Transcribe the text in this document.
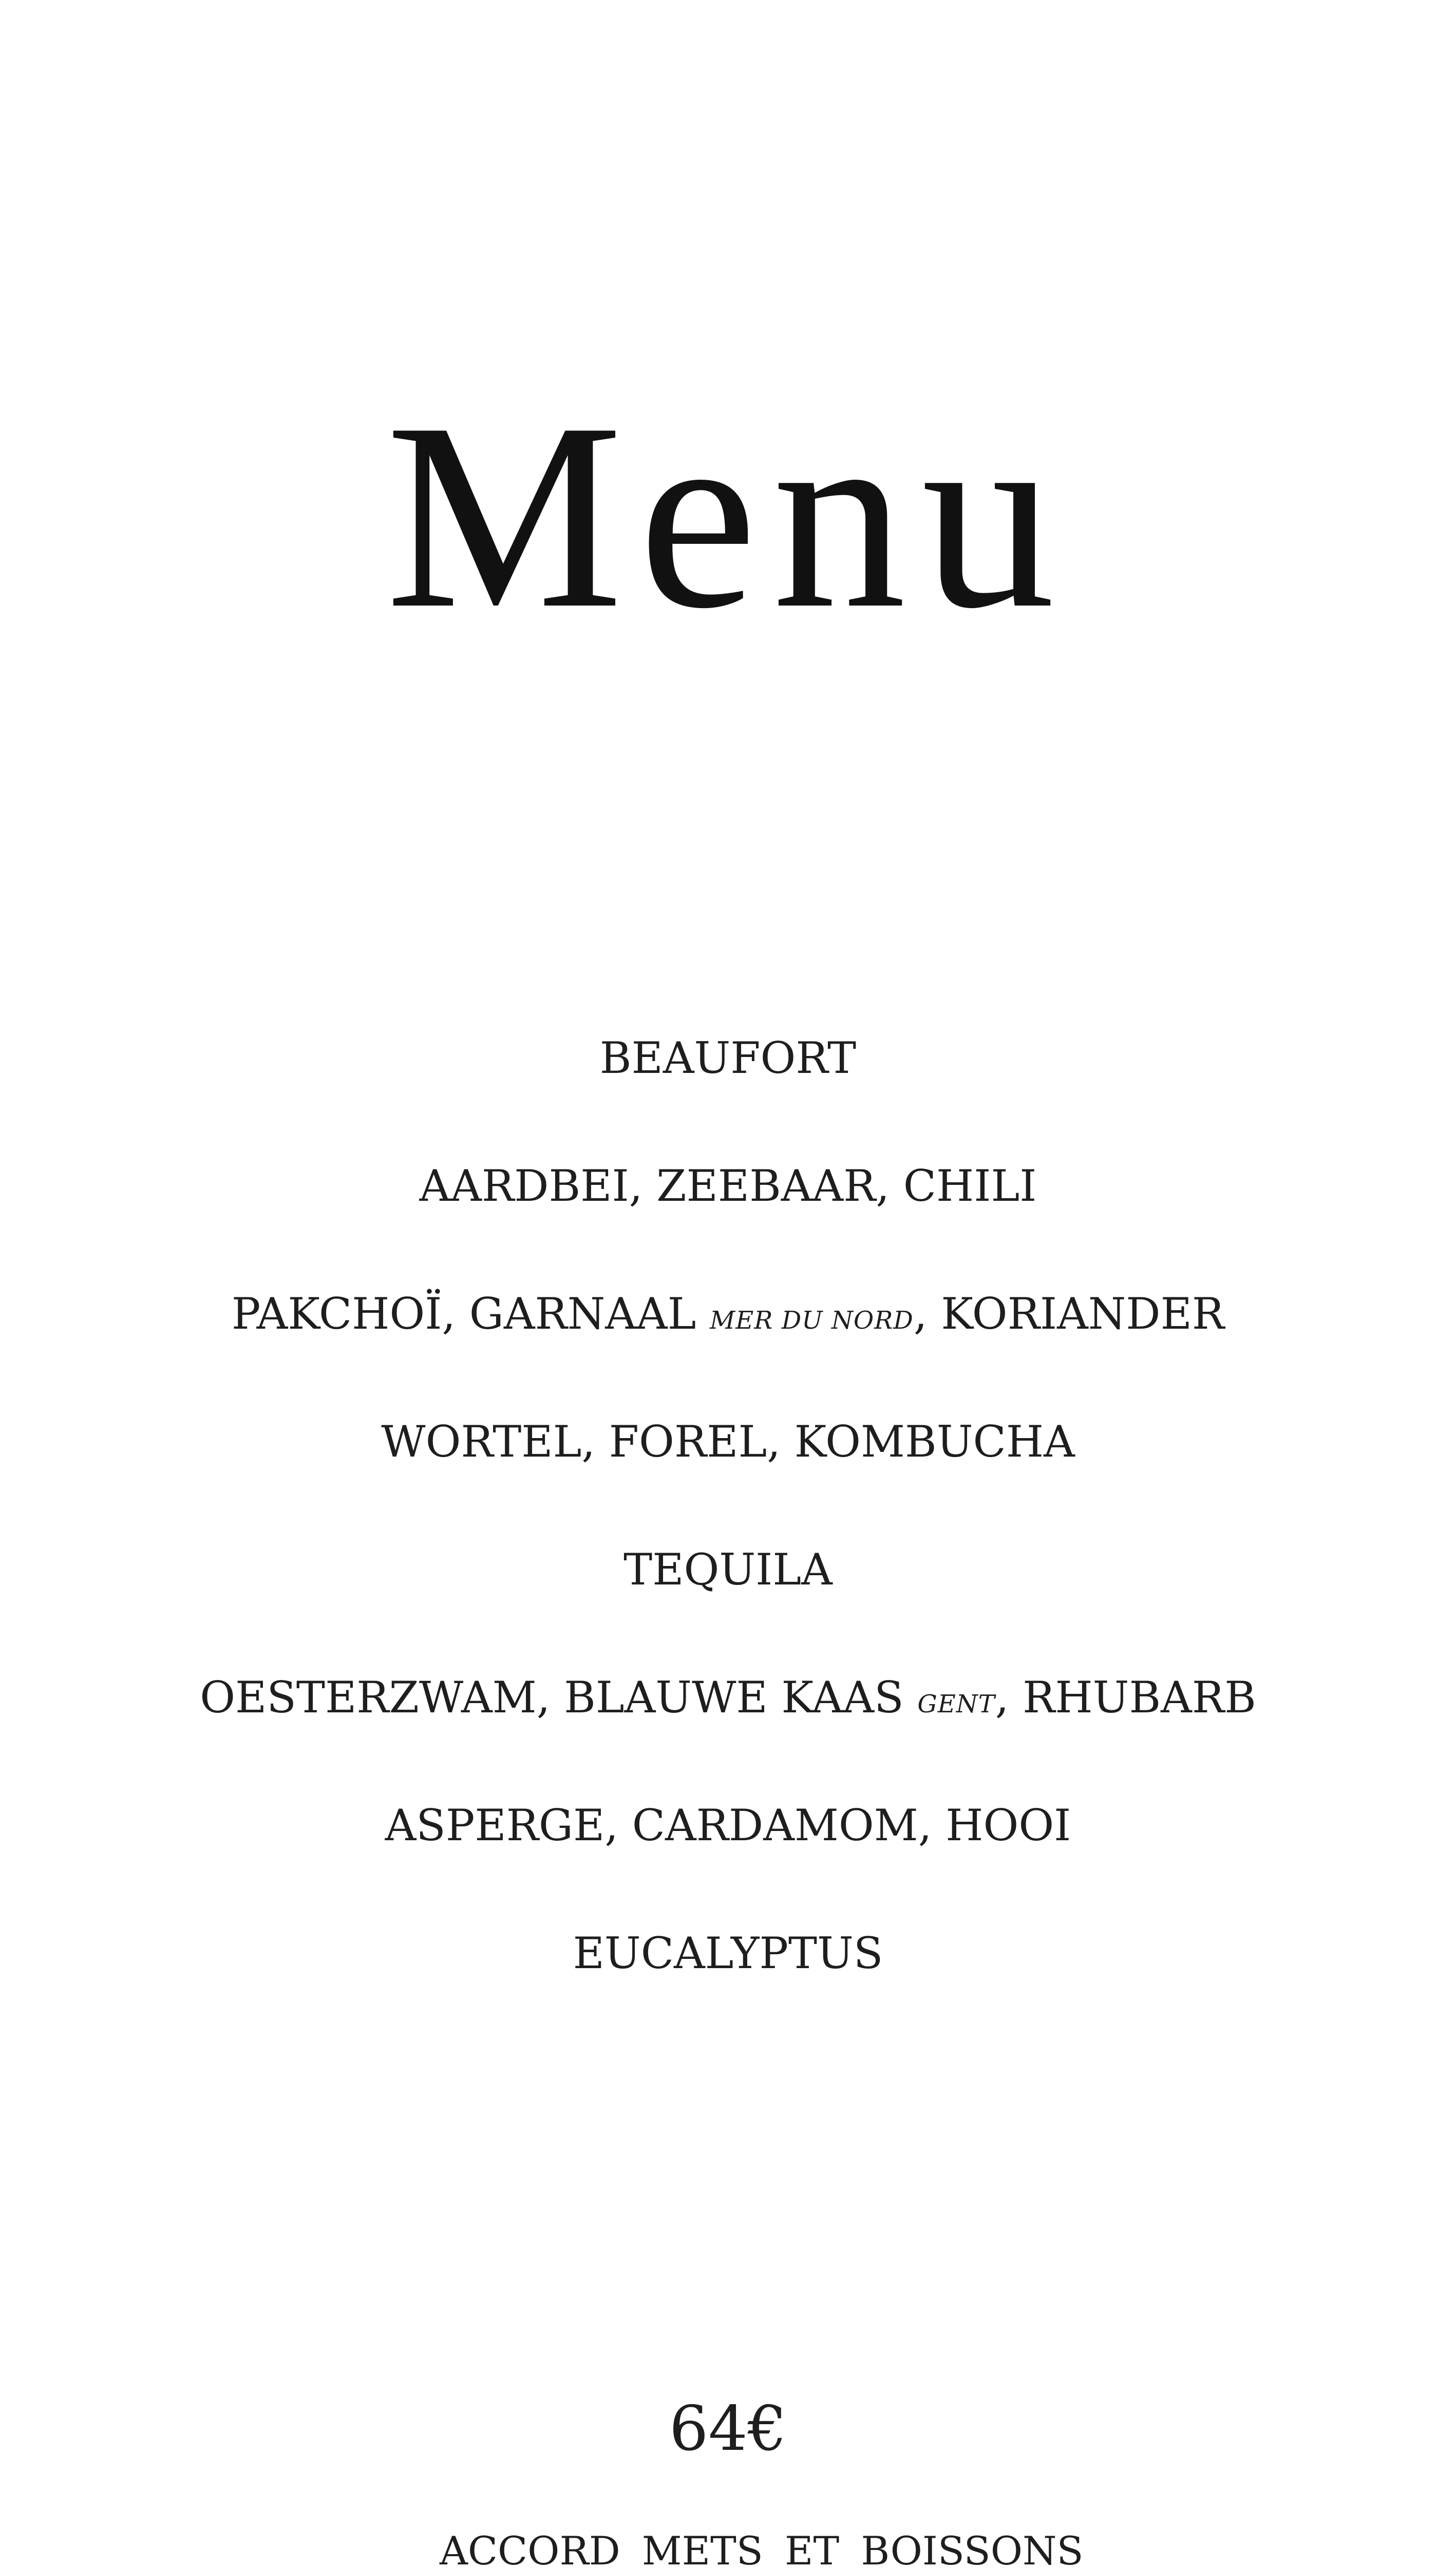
Menu
BEAUFORT
AARDBEI, ZEEBAAR, CHILI
PAKCHOÏ, GARNAAL MER DU NORD, KORIANDER
WORTEL, FOREL, KOMBUCHA
TEQUILA
OESTERZWAM, BLAUWE KAAS GENT, RHUBARB
ASPERGE, CARDAMOM, HOOI
EUCALYPTUS
64€
ACCORD METS ET BOISSONS
